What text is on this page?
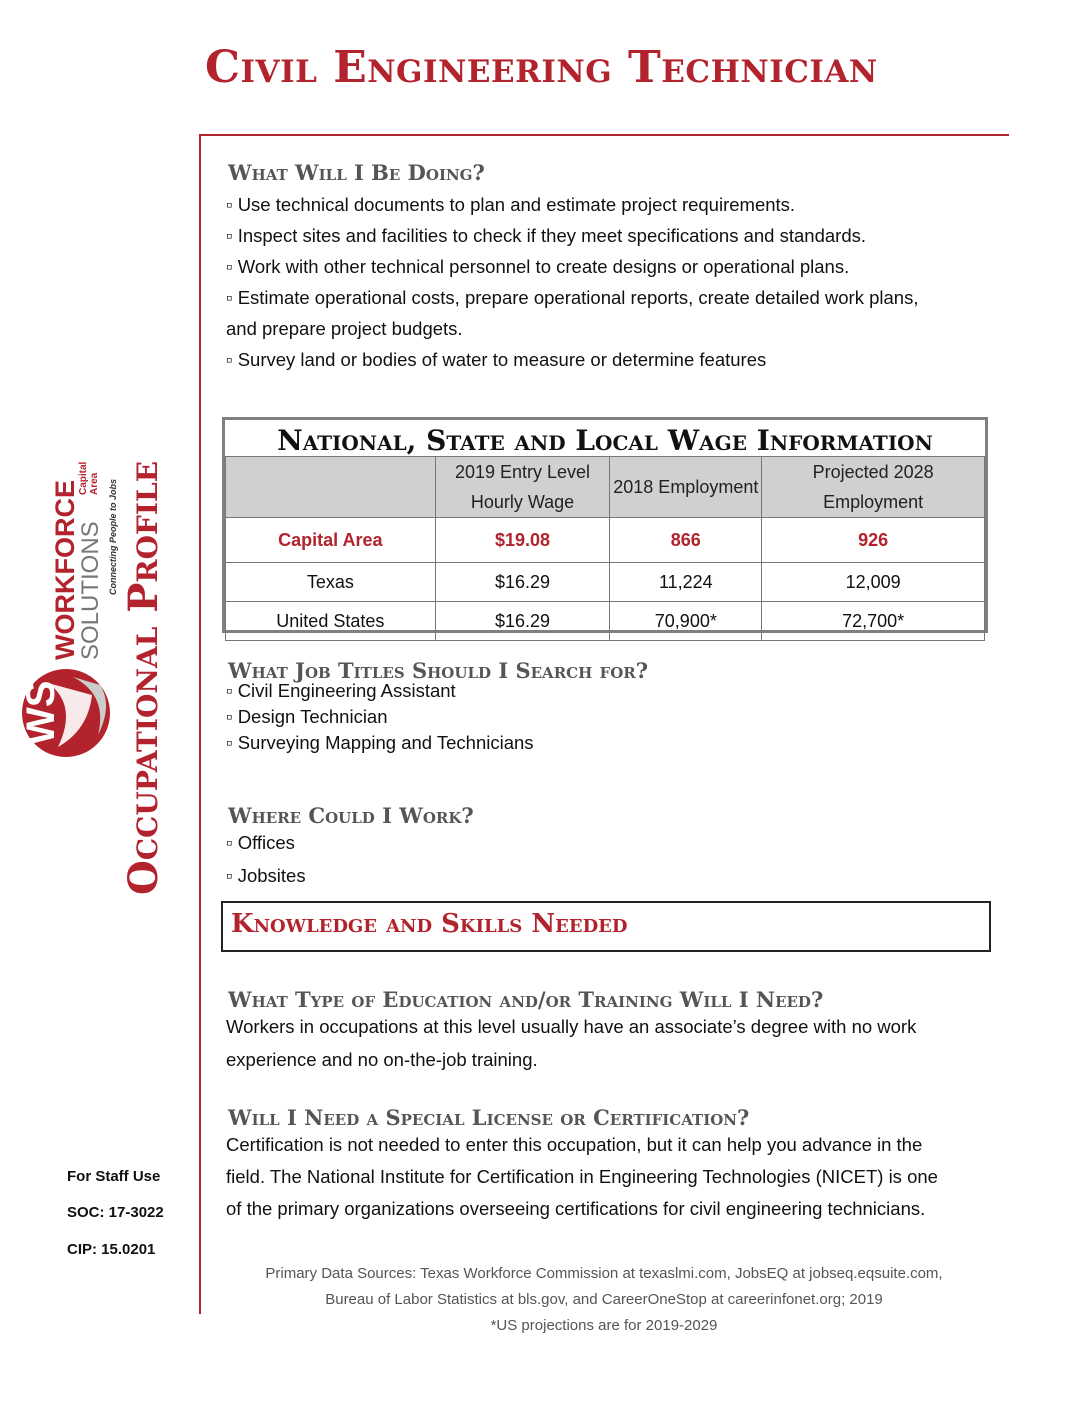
Civil Engineering Technician
Occupational Profile
WORKFORCE
SOLUTIONS
Capital Area Connecting People to Jobs
WS
What Will I Be Doing?
▫ Use technical documents to plan and estimate project requirements.
▫ Inspect sites and facilities to check if they meet specifications and standards.
▫ Work with other technical personnel to create designs or operational plans.
▫ Estimate operational costs, prepare operational reports, create detailed work plans,
and prepare project budgets.
▫ Survey land or bodies of water to measure or determine features
National, State and Local Wage Information
	2019 Entry Level Hourly Wage	2018 Employment	Projected 2028 Employment
Capital Area	$19.08	866	926
Texas	$16.29	11,224	12,009
United States	$16.29	70,900*	72,700*
What Job Titles Should I Search for?
▫ Civil Engineering Assistant
▫ Design Technician
▫ Surveying Mapping and Technicians
Where Could I Work?
▫ Offices
▫ Jobsites
Knowledge and Skills Needed
What Type of Education and/or Training Will I Need?
Workers in occupations at this level usually have an associate’s degree with no work
experience and no on-the-job training.
Will I Need a Special License or Certification?
Certification is not needed to enter this occupation, but it can help you advance in the
field. The National Institute for Certification in Engineering Technologies (NICET) is one
of the primary organizations overseeing certifications for civil engineering technicians.
For Staff Use
SOC: 17-3022
CIP: 15.0201
Primary Data Sources: Texas Workforce Commission at texaslmi.com, JobsEQ at jobseq.eqsuite.com,
Bureau of Labor Statistics at bls.gov, and CareerOneStop at careerinfonet.org; 2019
*US projections are for 2019-2029
